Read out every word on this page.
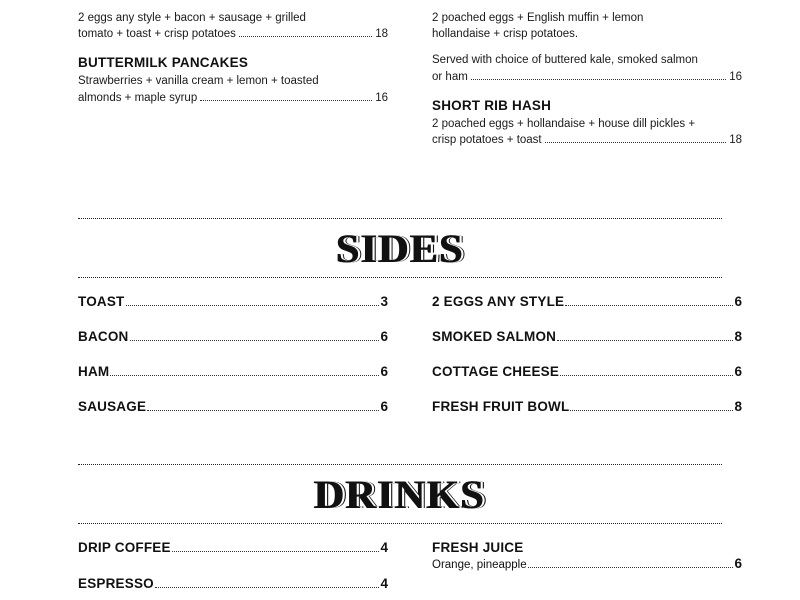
2 eggs any style + bacon + sausage + grilled
tomato + toast + crisp potatoes	18
BUTTERMILK PANCAKES
Strawberries + vanilla cream + lemon + toasted
almonds + maple syrup	16
2 poached eggs + English muffin + lemon
hollandaise + crisp potatoes.
Served with choice of buttered kale, smoked salmon
or ham	16
SHORT RIB HASH
2 poached eggs + hollandaise + house dill pickles +
crisp potatoes + toast	18
SIDES
TOAST	3
BACON	6
HAM	6
SAUSAGE	6
2 EGGS ANY STYLE	6
SMOKED SALMON	8
COTTAGE CHEESE	6
FRESH FRUIT BOWL	8
DRINKS
DRIP COFFEE	4
ESPRESSO	4
FRESH JUICE
Orange, pineapple	6
